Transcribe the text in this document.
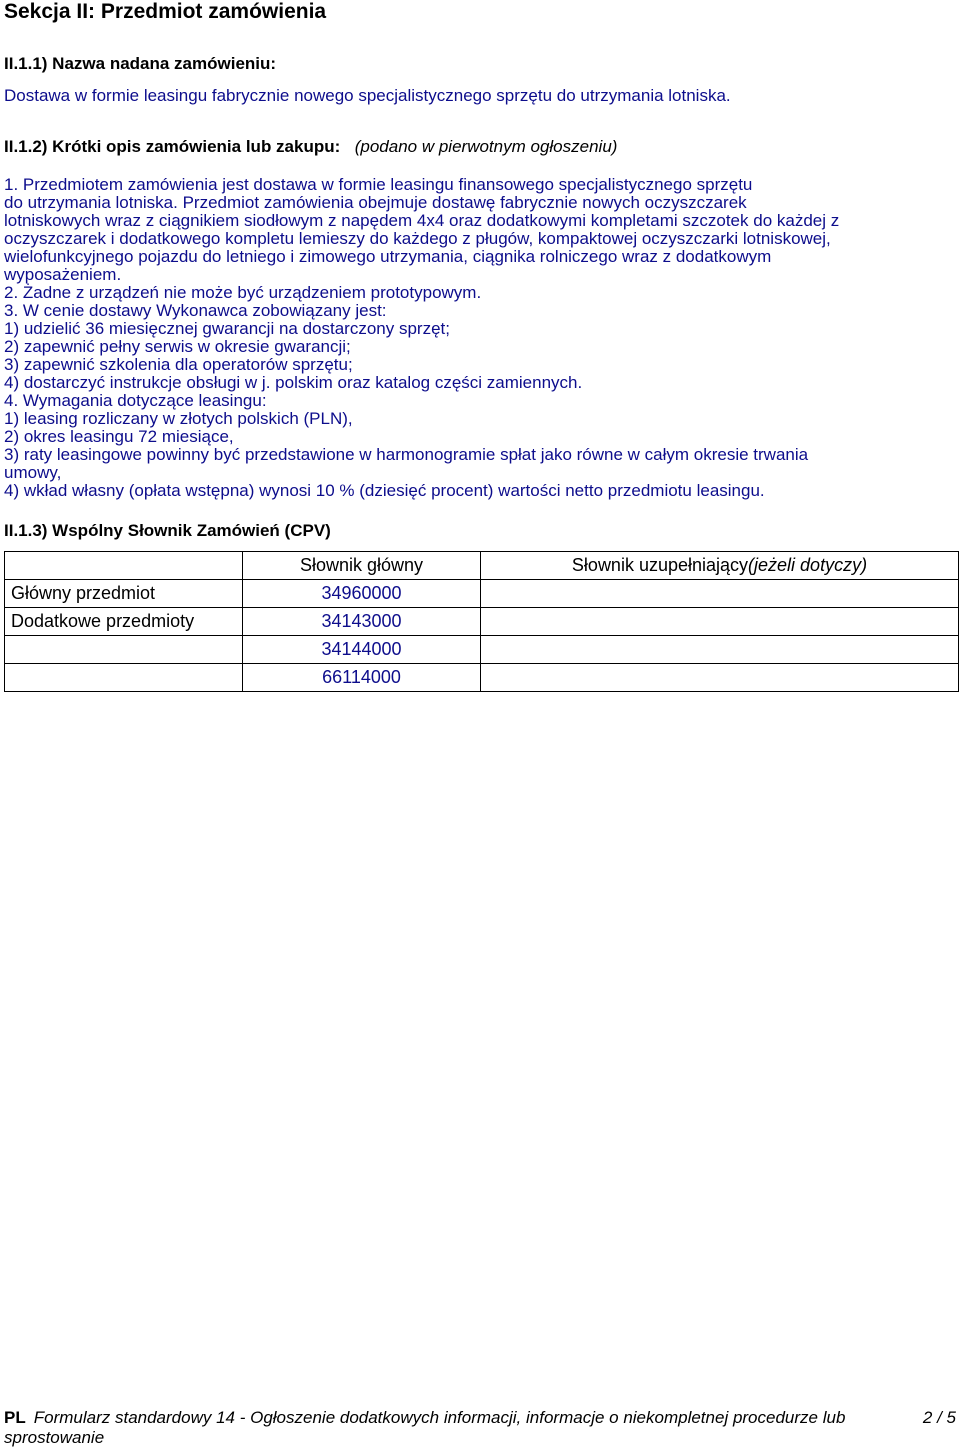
Sekcja II: Przedmiot zamówienia
II.1.1) Nazwa nadana zamówieniu:
Dostawa w formie leasingu fabrycznie nowego specjalistycznego sprzętu do utrzymania lotniska.
II.1.2) Krótki opis zamówienia lub zakupu: (podano w pierwotnym ogłoszeniu)
1. Przedmiotem zamówienia jest dostawa w formie leasingu finansowego specjalistycznego sprzętu
do utrzymania lotniska. Przedmiot zamówienia obejmuje dostawę fabrycznie nowych oczyszczarek
lotniskowych wraz z ciągnikiem siodłowym z napędem 4x4 oraz dodatkowymi kompletami szczotek do każdej z
oczyszczarek i dodatkowego kompletu lemieszy do każdego z pługów, kompaktowej oczyszczarki lotniskowej,
wielofunkcyjnego pojazdu do letniego i zimowego utrzymania, ciągnika rolniczego wraz z dodatkowym
wyposażeniem.
2. Żadne z urządzeń nie może być urządzeniem prototypowym.
3. W cenie dostawy Wykonawca zobowiązany jest:
1) udzielić 36 miesięcznej gwarancji na dostarczony sprzęt;
2) zapewnić pełny serwis w okresie gwarancji;
3) zapewnić szkolenia dla operatorów sprzętu;
4) dostarczyć instrukcje obsługi w j. polskim oraz katalog części zamiennych.
4. Wymagania dotyczące leasingu:
1) leasing rozliczany w złotych polskich (PLN),
2) okres leasingu 72 miesiące,
3) raty leasingowe powinny być przedstawione w harmonogramie spłat jako równe w całym okresie trwania
umowy,
4) wkład własny (opłata wstępna) wynosi 10 % (dziesięć procent) wartości netto przedmiotu leasingu.
II.1.3) Wspólny Słownik Zamówień (CPV)
	Słownik główny	Słownik uzupełniający(jeżeli dotyczy)
Główny przedmiot	34960000	
Dodatkowe przedmioty	34143000	
	34144000	
	66114000	
PL Formularz standardowy 14 - Ogłoszenie dodatkowych informacji, informacje o niekompletnej procedurze lub sprostowanie
2 / 5
